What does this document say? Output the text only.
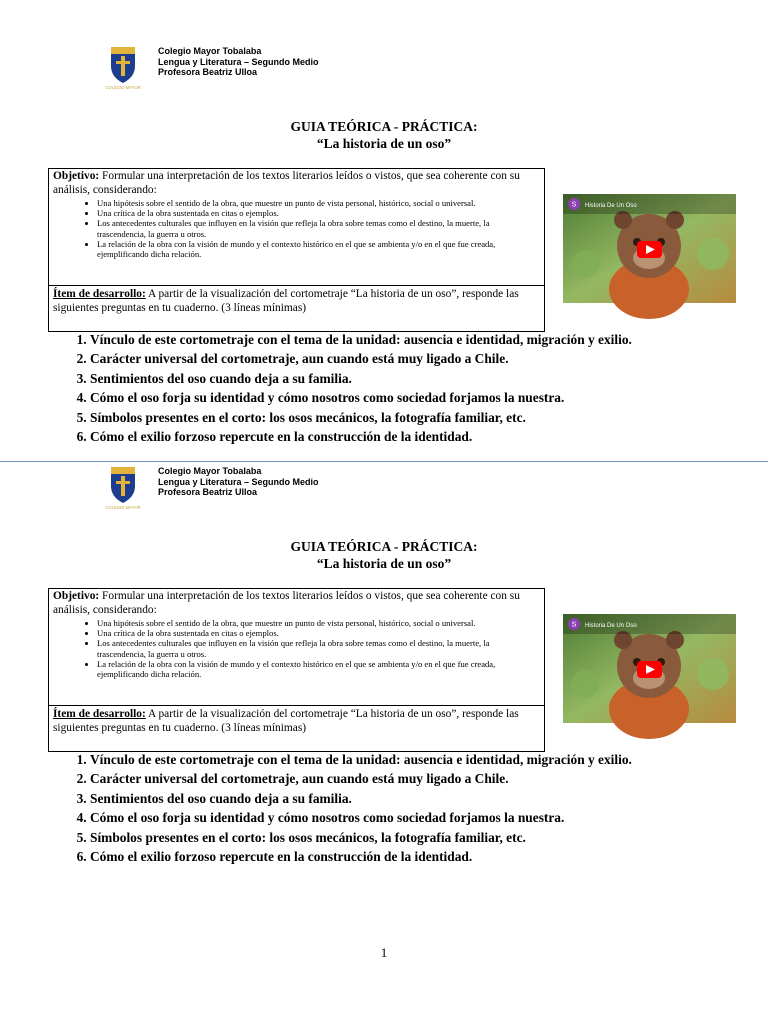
COLEGIO MAYOR
Colegio Mayor Tobalaba
Lengua y Literatura – Segundo Medio
Profesora Beatriz Ulloa
GUIA TEÓRICA - PRÁCTICA:
“La historia de un oso”
Objetivo: Formular una interpretación de los textos literarios leídos o vistos, que sea coherente con su análisis, considerando:
• Una hipótesis sobre el sentido de la obra, que muestre un punto de vista personal, histórico, social o universal.
• Una crítica de la obra sustentada en citas o ejemplos.
• Los antecedentes culturales que influyen en la visión que refleja la obra sobre temas como el destino, la muerte, la trascendencia, la guerra u otros.
• La relación de la obra con la visión de mundo y el contexto histórico en el que se ambienta y/o en el que fue creada, ejemplificando dicha relación.
Ítem de desarrollo: A partir de la visualización del cortometraje “La historia de un oso”, responde las siguientes preguntas en tu cuaderno. (3 líneas mínimas)
S Historia De Un Oso
1. Vínculo de este cortometraje con el tema de la unidad: ausencia e identidad, migración y exilio.
2. Carácter universal del cortometraje, aun cuando está muy ligado a Chile.
3. Sentimientos del oso cuando deja a su familia.
4. Cómo el oso forja su identidad y cómo nosotros como sociedad forjamos la nuestra.
5. Símbolos presentes en el corto: los osos mecánicos, la fotografía familiar, etc.
6. Cómo el exilio forzoso repercute en la construcción de la identidad.
COLEGIO MAYOR
Colegio Mayor Tobalaba
Lengua y Literatura – Segundo Medio
Profesora Beatriz Ulloa
GUIA TEÓRICA - PRÁCTICA:
“La historia de un oso”
Objetivo: Formular una interpretación de los textos literarios leídos o vistos, que sea coherente con su análisis, considerando:
• Una hipótesis sobre el sentido de la obra, que muestre un punto de vista personal, histórico, social o universal.
• Una crítica de la obra sustentada en citas o ejemplos.
• Los antecedentes culturales que influyen en la visión que refleja la obra sobre temas como el destino, la muerte, la trascendencia, la guerra u otros.
• La relación de la obra con la visión de mundo y el contexto histórico en el que se ambienta y/o en el que fue creada, ejemplificando dicha relación.
Ítem de desarrollo: A partir de la visualización del cortometraje “La historia de un oso”, responde las siguientes preguntas en tu cuaderno. (3 líneas mínimas)
S Historia De Un Oso
1. Vínculo de este cortometraje con el tema de la unidad: ausencia e identidad, migración y exilio.
2. Carácter universal del cortometraje, aun cuando está muy ligado a Chile.
3. Sentimientos del oso cuando deja a su familia.
4. Cómo el oso forja su identidad y cómo nosotros como sociedad forjamos la nuestra.
5. Símbolos presentes en el corto: los osos mecánicos, la fotografía familiar, etc.
6. Cómo el exilio forzoso repercute en la construcción de la identidad.
1
